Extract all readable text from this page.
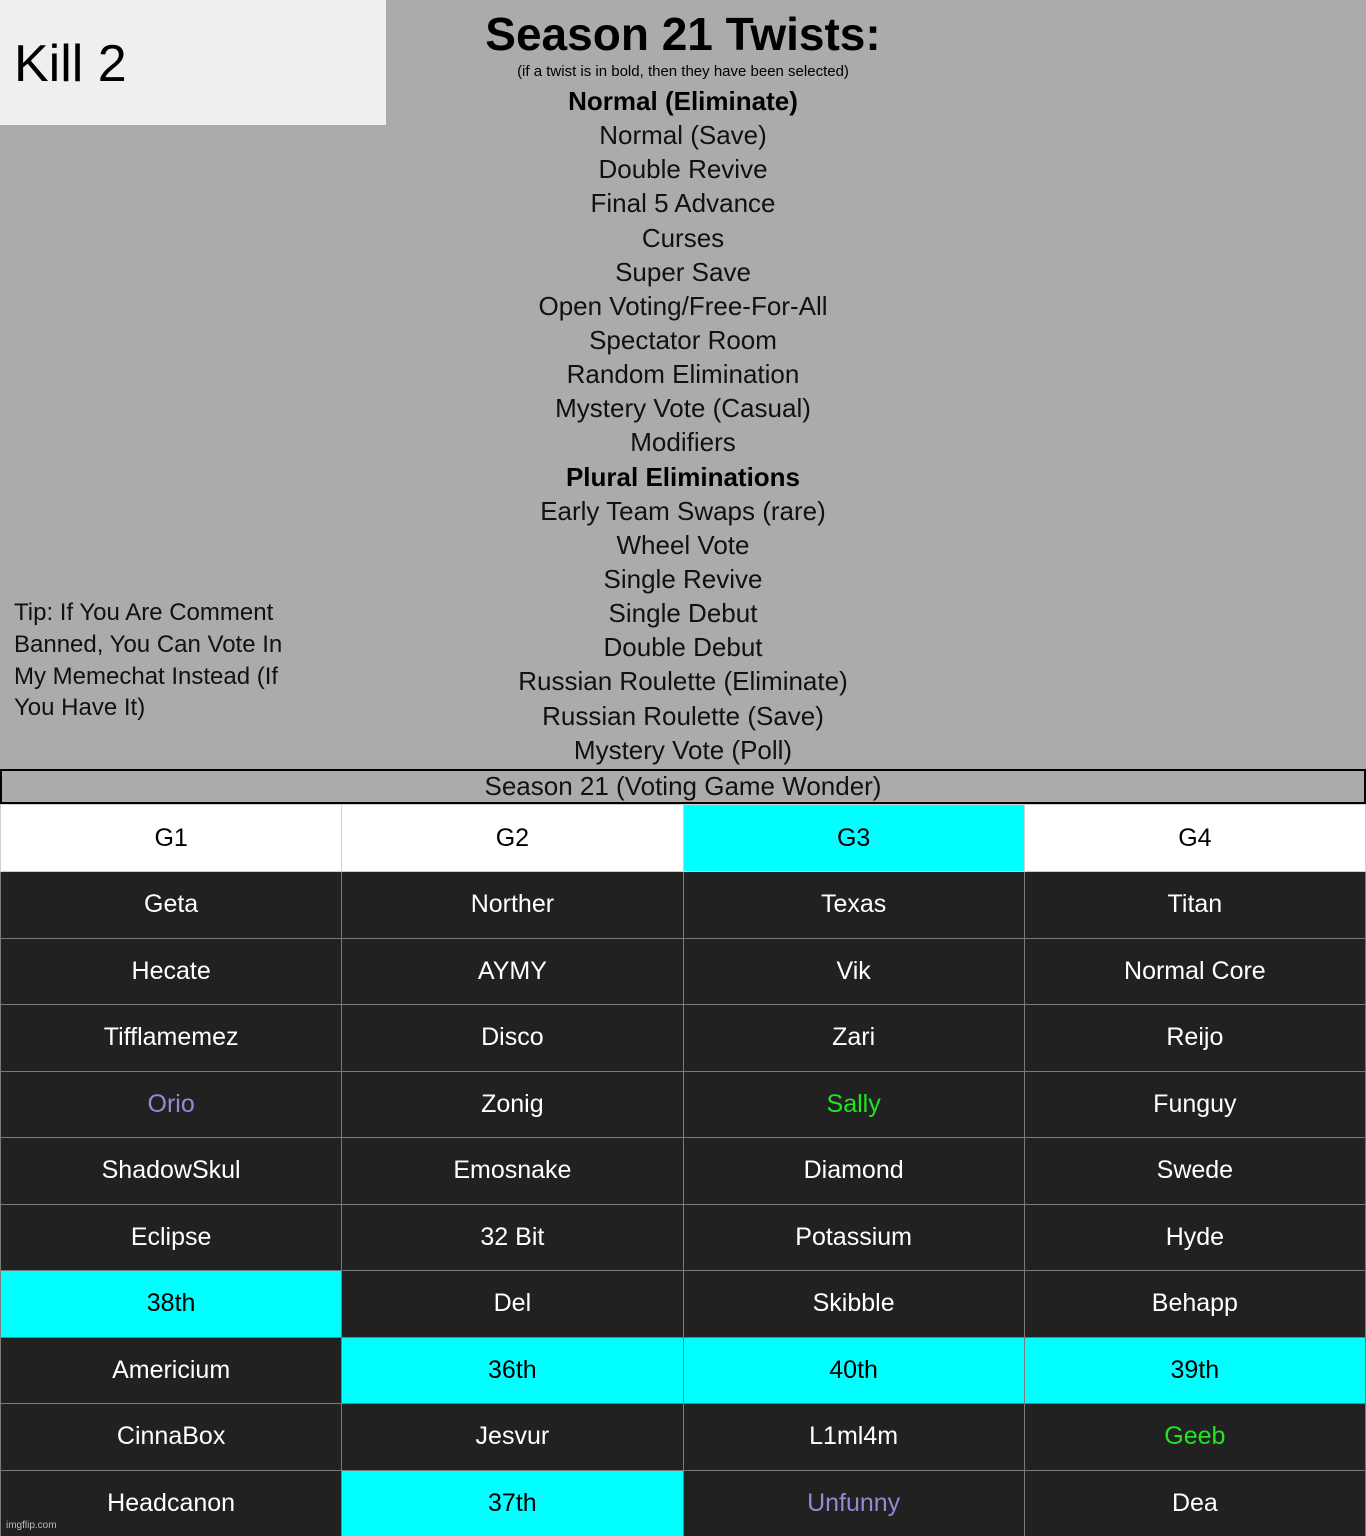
Kill 2
Season 21 Twists:
(if a twist is in bold, then they have been selected)
Normal (Eliminate)
Normal (Save)
Double Revive
Final 5 Advance
Curses
Super Save
Open Voting/Free-For-All
Spectator Room
Random Elimination
Mystery Vote (Casual)
Modifiers
Plural Eliminations
Early Team Swaps (rare)
Wheel Vote
Single Revive
Single Debut
Double Debut
Russian Roulette (Eliminate)
Russian Roulette (Save)
Mystery Vote (Poll)
Tip: If You Are Comment Banned, You Can Vote In My Memechat Instead (If You Have It)
Season 21 (Voting Game Wonder)
G1	G2	G3	G4
Geta	Norther	Texas	Titan
Hecate	AYMY	Vik	Normal Core
Tifflamemez	Disco	Zari	Reijo
Orio	Zonig	Sally	Funguy
ShadowSkul	Emosnake	Diamond	Swede
Eclipse	32 Bit	Potassium	Hyde
38th	Del	Skibble	Behapp
Americium	36th	40th	39th
CinnaBox	Jesvur	L1ml4m	Geeb
Headcanon	37th	Unfunny	Dea
imgflip.com
